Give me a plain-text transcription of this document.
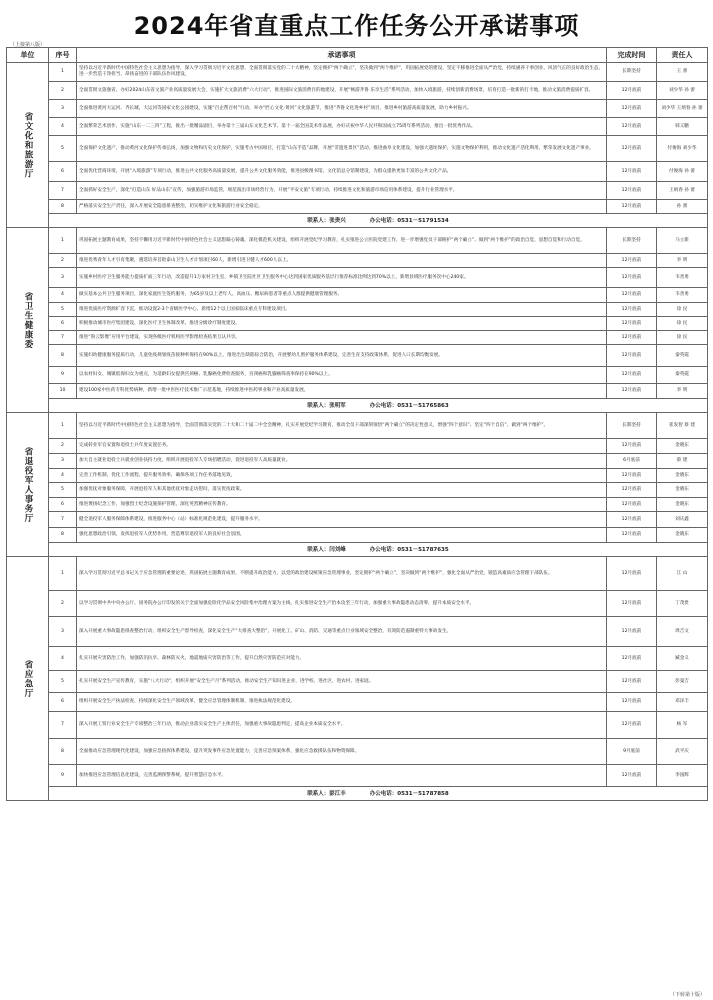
2024年省直重点工作任务公开承诺事项
（上接第八版）
单位	序号	承诺事项	完成时间	责任人
省文化和旅游厅	1	坚持以习近平新时代中国特色社会主义思想为指导，深入学习贯彻习近平文化思想、全面贯彻落实党的二十大精神，坚定拥护“两个确立”，坚决做到“两个维护”，巩固拓展党的建设，坚定不移推进全面从严治党，持续涵养干事创业、风清气正的良好政治生态，进一步营造干净担当、昂扬奋进的干部队伍作风建设。	长期坚持	王 蕾
	2	全面贯彻文旅强省、办好2024山东省文旅产业高质量发展大会，实施扩大文旅消费“六大行动”，推进国际文旅消费目的地建设，开展“畅游齐鲁 乐享生活”系列活动，加快入境旅游，持续创新消费场景，培育打造一批新的打卡地，推动文旅消费提质扩容。	12月底前	刘少华 孙 蕾
	3	全面推进黄河大运河、齐长城、大运河等国家文化公园建设，实施“百企帮百村”行动，举办“匠心文化·黄河”文化旅游节，推进“齐鲁文化进乡村”项目，推进乡村旅游高质量发展，助力乡村振兴。	12月底前	刘少华 王炳春 孙 蕾
	4	全面繁荣艺术创作，实施“山东一二三四”工程，推出一批精品剧目，举办第十三届山东文化艺术节、第十一届全国美术作品展，办好庆祝中华人民共和国成立75周年系列活动，推出一批优秀作品。	12月底前	韩义鹏
	5	全面保护文化遗产，推动黄河文化保护传承弘扬，加强文物和历史文化保护，实施考古中国项目，打造“山东手造”品牌，开展“非遗进景区”活动，推进曲阜文化建设，加强大遗址保护，实施文物保护利用，推动文化遗产活化利用，繁荣发展文化遗产事业。	12月底前	付俊海 刘少华
	6	全面优化营商环境，开展“入境旅游”专项行动，推进公共文化服务高质量发展，提升公共文化服务效能，推进县级图书馆、文化馆总分馆制建设，为群众提供更加丰富的公共文化产品。	12月底前	付俊海 孙 蕾
	7	全面抓好安全生产，深化“打造山东 好品山东”宣传，加强旅游市场监管，规范演出市场经营行为，开展“平安文旅”专项行动，持续推进文化和旅游市场信用体系建设，提升行业管理水平。	12月底前	王炳春 孙 蕾
	8	严格落实安全生产责任，深入开展安全隐患排查整治，切实维护文化和旅游行业安全稳定。	12月底前	孙 蕾
	联系人：张贵兴 办公电话：0531－51791534			
省卫生健康委	1	巩固拓展主题教育成果，坚持不懈用习近平新时代中国特色社会主义思想凝心铸魂，深化模范机关建设，组织开展党纪学习教育，扎实推进公立医院党建工作，进一步增强党员干部拥护“两个确立”、做到“两个维护”的政治自觉、思想自觉和行动自觉。	长期坚持	马立新
	2	推进优秀青年人才引育集聚，遴选培养首批泰山卫生人才计划项目60人，新增引进卫健人才600人以上。	12月底前	李 明
	3	实施乡村医疗卫生服务能力提质扩面三年行动，改造提升1万家村卫生室，乡镇卫生院社区卫生服务中心达到国家优质服务基层行推荐标准比例达到70%以上，新增县域医疗服务次中心240家。	12月底前	韦善勇
	4	做实基本公共卫生服务项目，深化家庭医生签约服务，为65岁及以上老年人、高血压、糖尿病患者等重点人群提供健康管理服务。	12月底前	韦善勇
	5	推进优质医疗资源扩容下沉，推动设置2-3个省级医学中心，新增12个以上国家临床重点专科建设项目。	12月底前	徐 民
	6	积极推动城市医疗集团建设，深化医疗卫生体制改革，推进分级诊疗制度建设。	12月底前	徐 民
	7	推进“鲁云影像”应用平台建设，实现各级医疗机构医学影像检查结果互认共享。	12月底前	徐 民
	8	实施妇幼健康服务提质行动，儿童免疫规划疫苗接种率保持在90%以上，推进出生缺陷综合防治，开展婴幼儿照护服务体系建设，完善生育支持政策体系，促进人口长期均衡发展。	12月底前	秦英霞
	9	以农村妇女、城镇低保妇女为重点，为适龄妇女提供宫颈癌、乳腺癌免费检查服务，宫颈癌和乳腺癌筛查率保持在90%以上。	12月底前	秦英霞
	10	建设100家中医药专科优势病种，新增一批中医医疗技术推广示范基地，持续推进中医药事业和产业高质量发展。	12月底前	李 明
	联系人：张明军 办公电话：0531－51765863			
省退役军人事务厅	1	坚持以习近平新时代中国特色社会主义思想为指导，全面贯彻落实党的二十大和二十届二中全会精神，扎实开展党纪学习教育，推动全员干部深刻领悟“两个确立”的决定性意义，增强“四个意识”、坚定“四个自信”、做到“两个维护”。	长期坚持	崔发智 蔡 建
	2	完成转业军官安置和退役士兵年度安置任务。	12月底前	金晓东
	3	加大自主就业退役士兵就业创业扶持力度，组织开展退役军人专场招聘活动，促进退役军人高质量就业。	6月底前	蔡 建
	4	完善工作机制，优化工作流程，提升服务效率，确保各项工作任务落地见效。	12月底前	金晓东
	5	加强优抚对象服务保障，开展退役军人和其他优抚对象走访慰问，落实优抚政策。	12月底前	金晓东
	6	推进褒扬纪念工作，加强烈士纪念设施保护管理，深化英烈精神宣传教育。	12月底前	金晓东
	7	健全退役军人服务保障体系建设，推进服务中心（站）标准化规范化建设，提升服务水平。	12月底前	刘庆鑫
	8	强化思想政治引领，发挥退役军人优势作用，营造尊崇退役军人的良好社会氛围。	12月底前	金晓东
	联系人：闫刘峰 办公电话：0531－51787635			
省应急厅	1	深入学习贯彻习近平总书记关于应急管理的重要论述，巩固拓展主题教育成果，不断提升政治能力，以党的政治建设统领应急管理事业，坚定拥护“两个确立”，坚决做到“两个维护”，强化全面从严治党，锻造高素质应急管理干部队伍。	12月底前	江 山
	2	以学习贯彻中共中央办公厅、国务院办公厅印发的关于全面加强危险化学品安全风险集中治理方案为主线，扎实推进安全生产治本攻坚三年行动，加强重大事故隐患动态清零，提升本质安全水平。	12月底前	丁茂贵
	3	深入开展重大事故隐患排查整治行动，组织安全生产督导检查，深化安全生产“大排查大整治”，开展化工、矿山、消防、交通等重点行业领域安全整治，有效防范遏制重特大事故发生。	12月底前	周吉文
	4	扎实开展灾害防治工作，加强防汛抗旱、森林防灭火、地震地质灾害防治等工作，提升自然灾害防范应对能力。	12月底前	臧金义
	5	扎实开展安全生产宣传教育，实施“八大行动”，组织开展“安全生产月”系列活动，推动安全生产知识进企业、进学校、进社区、进农村、进家庭。	12月底前	彭曼吉
	6	组织开展安全生产执法检查，持续深化安全生产领域改革，健全应急管理体制机制，推进执法规范化建设。	12月底前	邓泽丰
	7	深入开展工贸行业安全生产专项整治三年行动，推动企业落实安全生产主体责任，加强重大事故隐患判定，提高企业本质安全水平。	12月底前	杨 军
	8	全面推动应急管理现代化建设，加强应急指挥体系建设，提升突发事件应急处置能力，完善应急预案体系，强化应急救援队伍和物资保障。	9月底前	武平庆
	9	加快推进应急管理信息化建设，完善监测预警系统，提升智慧应急水平。	12月底前	李国辉
	联系人：彭江丰 办公电话：0531－51787858			
（下转第十版）
